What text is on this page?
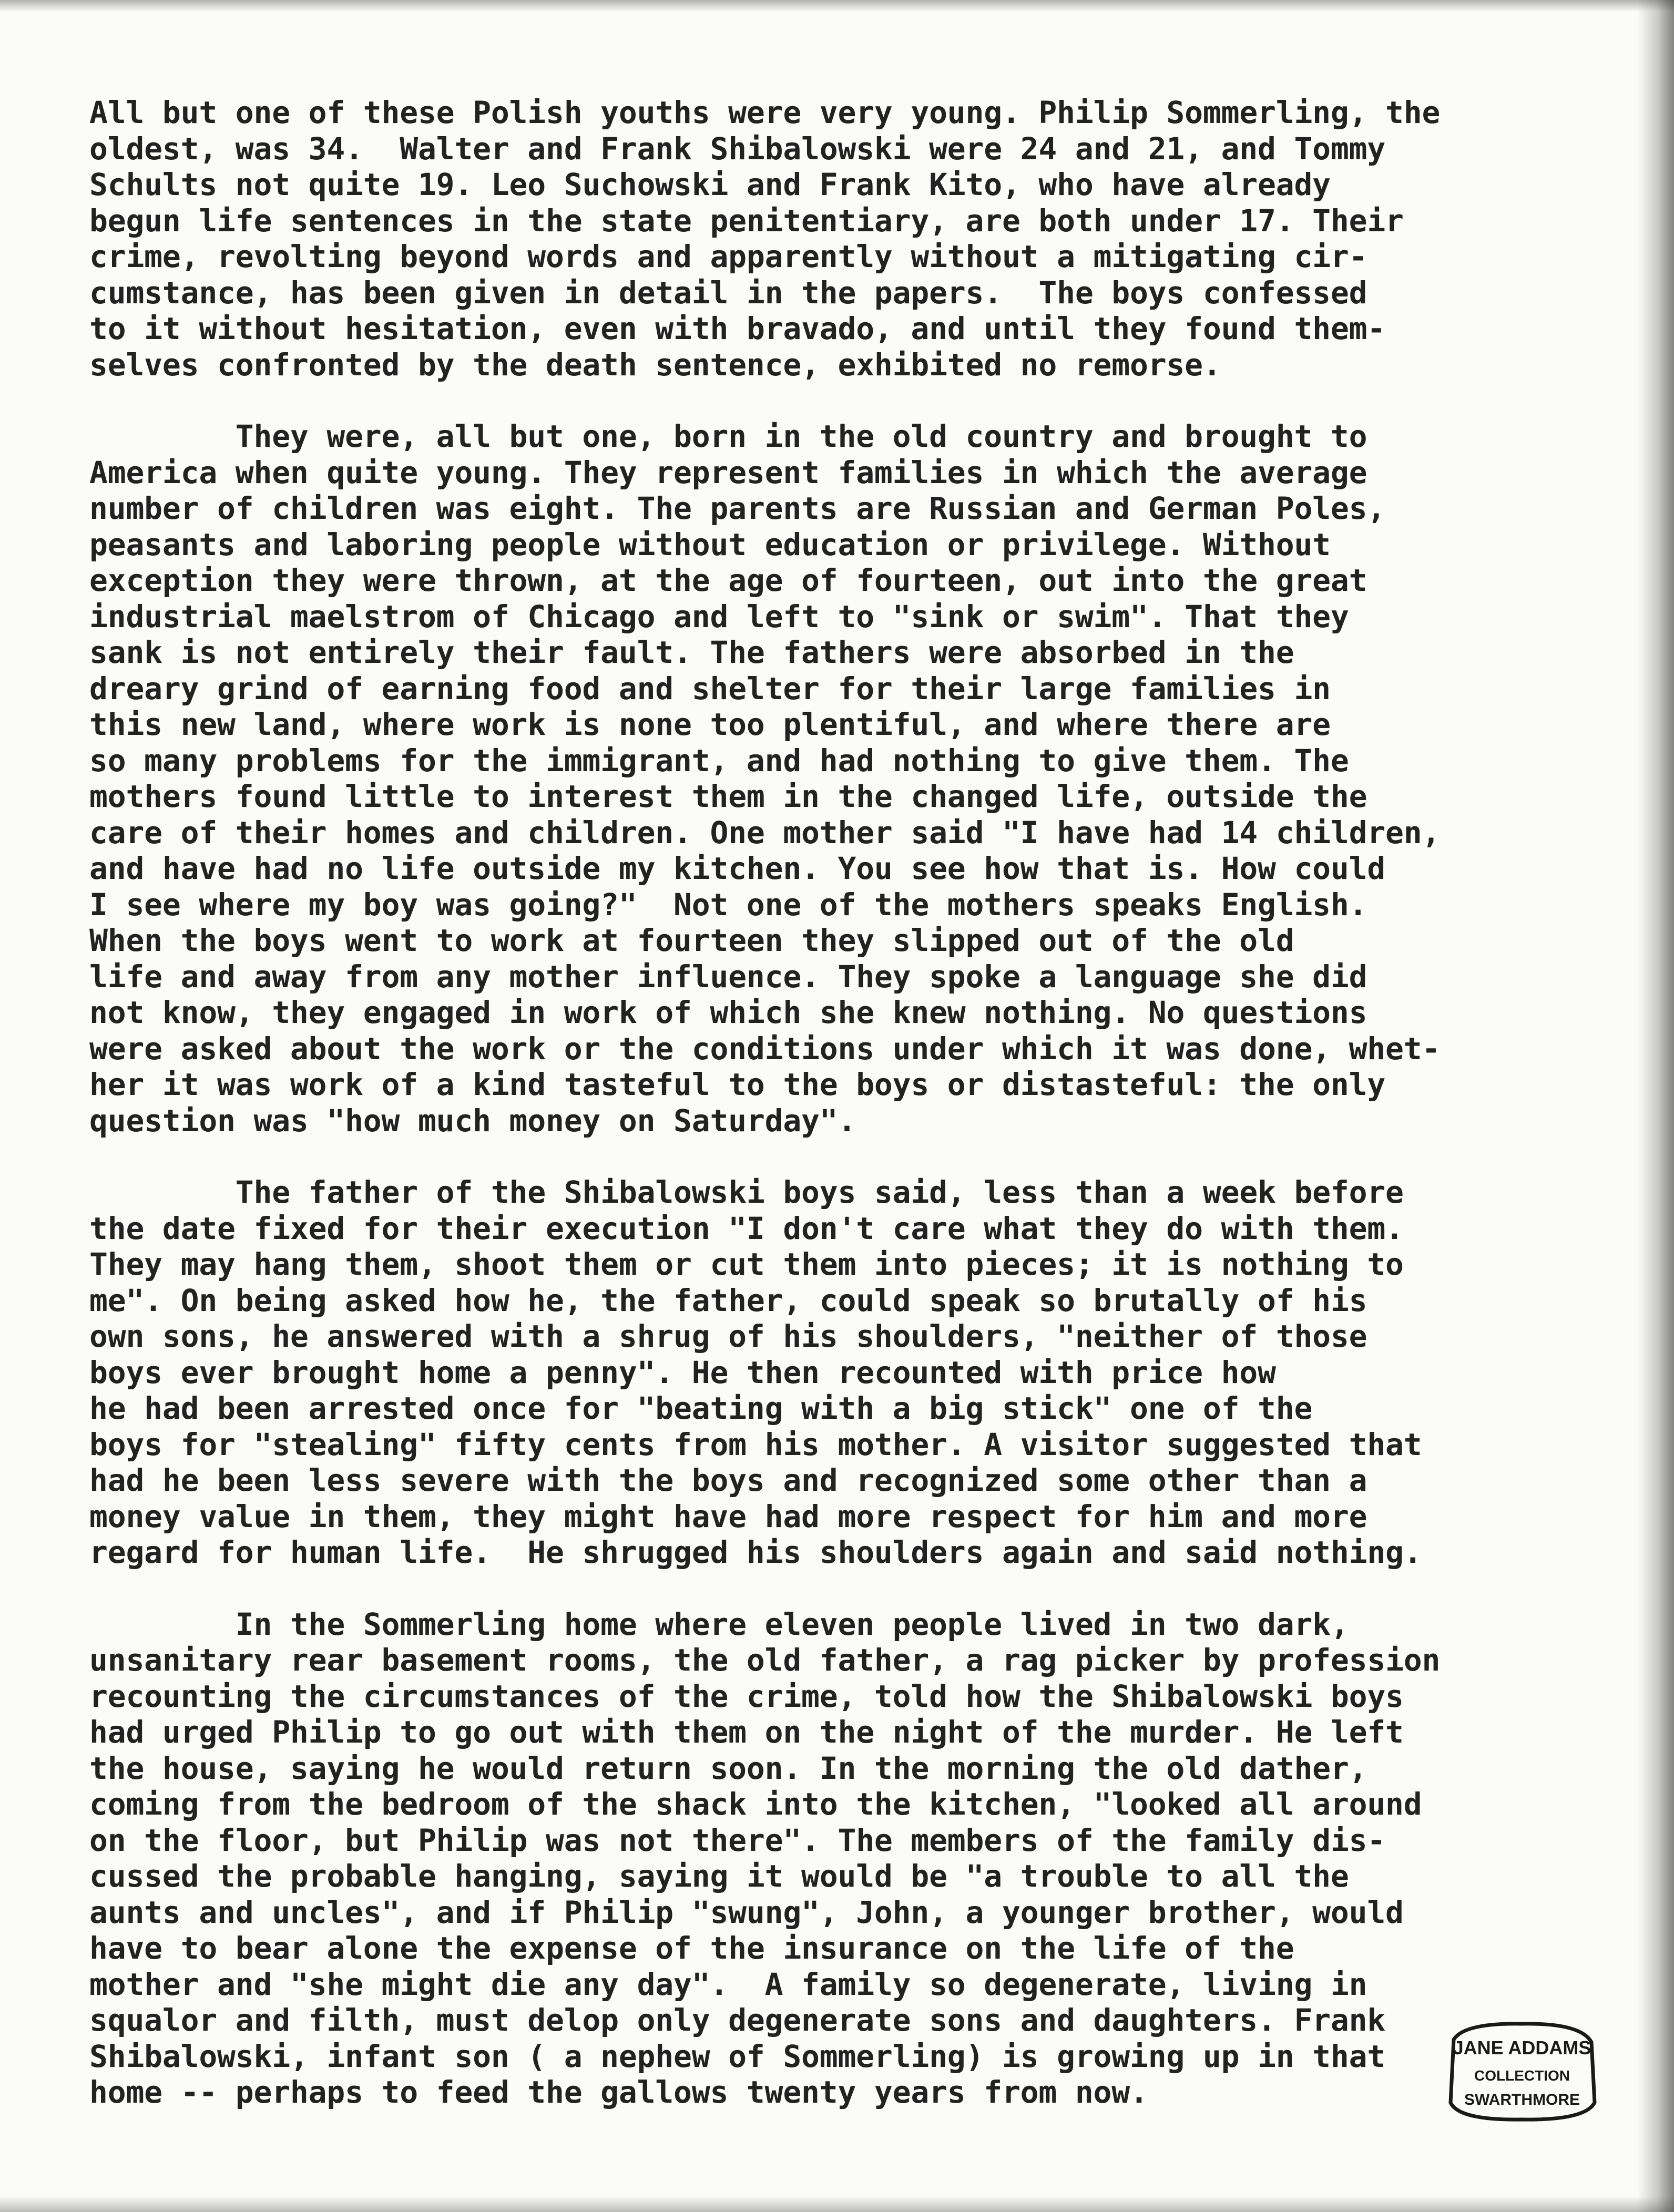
All but one of these Polish youths were very young. Philip Sommerling, the
oldest, was 34.  Walter and Frank Shibalowski were 24 and 21, and Tommy
Schults not quite 19. Leo Suchowski and Frank Kito, who have already
begun life sentences in the state penitentiary, are both under 17. Their
crime, revolting beyond words and apparently without a mitigating cir-
cumstance, has been given in detail in the papers.  The boys confessed
to it without hesitation, even with bravado, and until they found them-
selves confronted by the death sentence, exhibited no remorse.
They were, all but one, born in the old country and brought to
America when quite young. They represent families in which the average
number of children was eight. The parents are Russian and German Poles,
peasants and laboring people without education or privilege. Without
exception they were thrown, at the age of fourteen, out into the great
industrial maelstrom of Chicago and left to "sink or swim". That they
sank is not entirely their fault. The fathers were absorbed in the
dreary grind of earning food and shelter for their large families in
this new land, where work is none too plentiful, and where there are
so many problems for the immigrant, and had nothing to give them. The
mothers found little to interest them in the changed life, outside the
care of their homes and children. One mother said "I have had 14 children,
and have had no life outside my kitchen. You see how that is. How could
I see where my boy was going?"  Not one of the mothers speaks English.
When the boys went to work at fourteen they slipped out of the old
life and away from any mother influence. They spoke a language she did
not know, they engaged in work of which she knew nothing. No questions
were asked about the work or the conditions under which it was done, whet-
her it was work of a kind tasteful to the boys or distasteful: the only
question was "how much money on Saturday".
The father of the Shibalowski boys said, less than a week before
the date fixed for their execution "I don't care what they do with them.
They may hang them, shoot them or cut them into pieces; it is nothing to
me". On being asked how he, the father, could speak so brutally of his
own sons, he answered with a shrug of his shoulders, "neither of those
boys ever brought home a penny". He then recounted with price how
he had been arrested once for "beating with a big stick" one of the
boys for "stealing" fifty cents from his mother. A visitor suggested that
had he been less severe with the boys and recognized some other than a
money value in them, they might have had more respect for him and more
regard for human life.  He shrugged his shoulders again and said nothing.
In the Sommerling home where eleven people lived in two dark,
unsanitary rear basement rooms, the old father, a rag picker by profession
recounting the circumstances of the crime, told how the Shibalowski boys
had urged Philip to go out with them on the night of the murder. He left
the house, saying he would return soon. In the morning the old dather,
coming from the bedroom of the shack into the kitchen, "looked all around
on the floor, but Philip was not there". The members of the family dis-
cussed the probable hanging, saying it would be "a trouble to all the
aunts and uncles", and if Philip "swung", John, a younger brother, would
have to bear alone the expense of the insurance on the life of the
mother and "she might die any day".  A family so degenerate, living in
squalor and filth, must delop only degenerate sons and daughters. Frank
Shibalowski, infant son ( a nephew of Sommerling) is growing up in that
home -- perhaps to feed the gallows twenty years from now.
JANE ADDAMS
COLLECTION
SWARTHMORE
